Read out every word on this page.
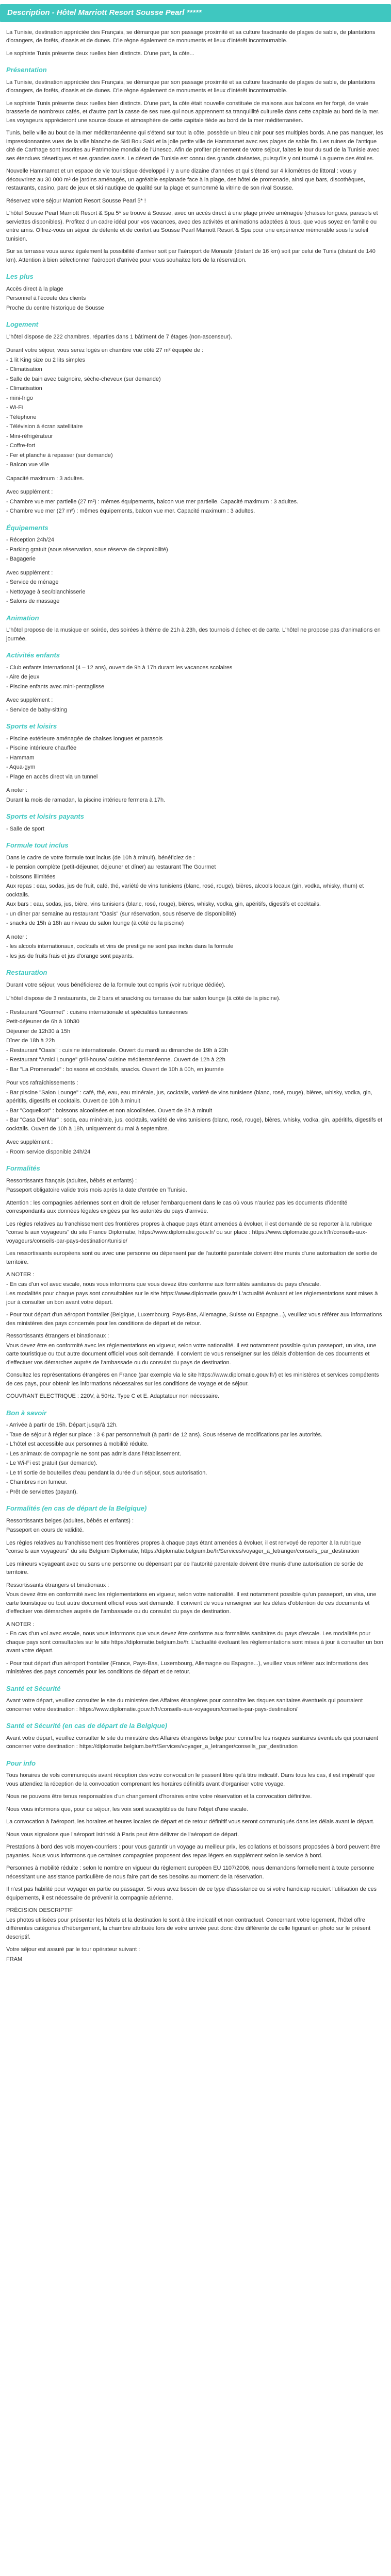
Description - Hôtel Marriott Resort Sousse Pearl *****

La Tunisie, destination appréciée des Français, se démarque par son passage proximité et sa culture fascinante de plages de sable, de plantations d'orangers, de forêts, d'oasis et de dunes. D'le règne également de monuments et lieux d'intérêt incontournable.

Le sophiste Tunis présente deux ruelles bien distincts. D'une part, la côte...

Présentation

La Tunisie, destination appréciée des Français, se démarque par son passage proximité et sa culture fascinante de plages de sable, de plantations d'orangers, de forêts, d'oasis et de dunes. D'le règne également de monuments et lieux d'intérêt incontournable.

Le sophiste Tunis présente deux ruelles bien distincts. D'une part, la côte était nouvelle constituée de maisons aux balcons en fer forgé, de vraie brasserie de nombreux cafés, et d'autre part la casse de ses rues qui nous apprennent sa tranquillité culturelle dans cette capitale au bord de la mer. Les voyageurs apprécieront une source douce et atmosphère de cette capitale tiède au bord de la mer méditerranéen.

Tunis, belle ville au bout de la mer méditerranéenne qui s'étend sur tout la côte, possède un bleu clair pour ses multiples bords. A ne pas manquer, les impressionnantes vues de la ville blanche de Sidi Bou Said et la jolie petite ville de Hammamet avec ses plages de sable fin. Les ruines de l'antique cité de Carthage sont inscrites au Patrimoine mondial de l'Unesco. Afin de profiter pleinement de votre séjour, faites le tour du sud de la Tunisie avec ses étendues désertiques et ses grandes oasis. Le désert de Tunisie est connu des grands cinéastes, puisqu'ils y ont tourné La guerre des étoiles.

Nouvelle Hammamet et un espace de vie touristique développé il y a une dizaine d'années et qui s'étend sur 4 kilomètres de littoral : vous y découvrirez au 30 000 m² de jardins aménagés, un agréable esplanade face à la plage, des hôtel de promenade, ainsi que bars, discothèques, restaurants, casino, parc de jeux et ski nautique de qualité sur la plage et surnommé la vitrine de son rival Sousse.

Réservez votre séjour Marriott Resort Sousse Pearl 5* !

L'hôtel Sousse Pearl Marriott Resort & Spa 5* se trouve à Sousse, avec un accès direct à une plage privée aménagée (chaises longues, parasols et serviettes disponibles). Profitez d'un cadre idéal pour vos vacances, avec des activités et animations adaptées à tous, que vous soyez en famille ou entre amis. Offrez-vous un séjour de détente et de confort au Sousse Pearl Marriott Resort & Spa pour une expérience mémorable sous le soleil tunisien.

Sur sa terrasse vous aurez également la possibilité d'arriver soit par l'aéroport de Monastir (distant de 16 km) soit par celui de Tunis (distant de 140 km). Attention à bien sélectionner l'aéroport d'arrivée pour vous souhaitez lors de la réservation.

Les plus
Accès direct à la plage
Personnel à l'écoute des clients
Proche du centre historique de Sousse
Logement
L'hôtel dispose de 222 chambres, réparties dans 1 bâtiment de 7 étages (non-ascenseur).
Durant votre séjour, vous serez logés en chambre vue côté 27 m² équipée de :
- 1 lit King size ou 2 lits simples
- Climatisation
- Salle de bain avec baignoire, sèche-cheveux (sur demande)
- Climatisation
- mini-frigo
- Wi-Fi
- Téléphone
- Télévision à écran satellitaire
- Mini-réfrigérateur
- Coffre-fort
- Fer et planche à repasser (sur demande)
- Balcon vue ville
Capacité maximum : 3 adultes.
Avec supplément :
- Chambre vue mer partielle (27 m²) : mêmes équipements, balcon vue mer partielle. Capacité maximum : 3 adultes.
- Chambre vue mer (27 m²) : mêmes équipements, balcon vue mer. Capacité maximum : 3 adultes.
Équipements
- Réception 24h/24
- Parking gratuit (sous réservation, sous réserve de disponibilité)
- Bagagerie
Avec supplément :
- Service de ménage
- Nettoyage à sec/blanchisserie
- Salons de massage
Animation
L'hôtel propose de la musique en soirée, des soirées à thème de 21h à 23h, des tournois d'échec et de carte. L'hôtel ne propose pas d'animations en journée.
Activités enfants
- Club enfants international (4 – 12 ans), ouvert de 9h à 17h durant les vacances scolaires
- Aire de jeux
- Piscine enfants avec mini-pentaglisse
Avec supplément :
- Service de baby-sitting
Sports et loisirs
- Piscine extérieure aménagée de chaises longues et parasols
- Piscine intérieure chauffée
- Hammam
- Aqua-gym
- Plage en accès direct via un tunnel
A noter :
Durant la mois de ramadan, la piscine intérieure fermera à 17h.
Sports et loisirs payants
- Salle de sport
Formule tout inclus
Dans le cadre de votre formule tout inclus (de 10h à minuit), bénéficiez de :
- le pension complète (petit-déjeuner, déjeuner et dîner) au restaurant The Gourmet
- boissons illimitées
Aux repas : eau, sodas, jus de fruit, café, thé, variété de vins tunisiens (blanc, rosé, rouge), bières, alcools locaux (gin, vodka, whisky, rhum) et cocktails.
Aux bars : eau, sodas, jus, bière, vins tunisiens (blanc, rosé, rouge), bières, whisky, vodka, gin, apéritifs, digestifs et cocktails.
- un dîner par semaine au restaurant "Oasis" (sur réservation, sous réserve de disponibilité)
- snacks de 15h à 18h au niveau du salon lounge (à côté de la piscine)
A noter :
- les alcools internationaux, cocktails et vins de prestige ne sont pas inclus dans la formule
- les jus de fruits frais et jus d'orange sont payants.
Restauration
Durant votre séjour, vous bénéficierez de la formule tout compris (voir rubrique dédiée).
L'hôtel dispose de 3 restaurants, de 2 bars et snacking ou terrasse du bar salon lounge (à côté de la piscine).
- Restaurant "Gourmet" : cuisine internationale et spécialités tunisiennes
Petit-déjeuner de 6h à 10h30
Déjeuner de 12h30 à 15h
Dîner de 18h à 22h
- Restaurant "Oasis" : cuisine internationale. Ouvert du mardi au dimanche de 19h à 23h
- Restaurant "Amici Lounge" grill-house/ cuisine méditerranéenne. Ouvert de 12h à 22h
- Bar "La Promenade" : boissons et cocktails, snacks. Ouvert de 10h à 00h, en journée
Pour vos rafraîchissements :
- Bar piscine "Salon Lounge" : café, thé, eau, eau minérale, jus, cocktails, variété de vins tunisiens (blanc, rosé, rouge), bières, whisky, vodka, gin, apéritifs, digestifs et cocktails. Ouvert de 10h à minuit
- Bar "Coquelicot" : boissons alcoolisées et non alcoolisées. Ouvert de 8h à minuit
- Bar "Casa Del Mar" : soda, eau minérale, jus, cocktails, variété de vins tunisiens (blanc, rosé, rouge), bières, whisky, vodka, gin, apéritifs, digestifs et cocktails. Ouvert de 10h à 18h, uniquement du mai à septembre.
Avec supplément :
- Room service disponible 24h/24
Formalités
Ressortissants français (adultes, bébés et enfants) :

Passeport obligatoire valide trois mois après la date d'entrée en Tunisie.

Attention : les compagnies aériennes sont en droit de refuser l'embarquement dans le cas où vous n'auriez pas les documents d'identité correspondants aux données légales exigées par les autorités du pays d'arrivée.

Les règles relatives au franchissement des frontières propres à chaque pays étant amenées à évoluer, il est demandé de se reporter à la rubrique "conseils aux voyageurs" du site France Diplomatie, https://www.diplomatie.gouv.fr/ ou sur place : https://www.diplomatie.gouv.fr/fr/conseils-aux-voyageurs/conseils-par-pays-destination/tunisie/

Les ressortissants européens sont ou avec une personne ou dépensent par de l'autorité parentale doivent être munis d'une autorisation de sortie de territoire.

A NOTER :
- En cas d'un vol avec escale, nous vous informons que vous devez être conforme aux formalités sanitaires du pays d'escale.

Les modalités pour chaque pays sont consultables sur le site https://www.diplomatie.gouv.fr/ L'actualité évoluant et les réglementations sont mises à jour à consulter un bon avant votre départ.

- Pour tout départ d'un aéroport frontalier (Belgique, Luxembourg, Pays-Bas, Allemagne, Suisse ou Espagne...), veuillez vous référer aux informations des ministères des pays concernés pour les conditions de départ et de retour.

Ressortissants étrangers et binationaux :

Vous devez être en conformité avec les réglementations en vigueur, selon votre nationalité. Il est notamment possible qu'un passeport, un visa, une carte touristique ou tout autre document officiel vous soit demandé. Il convient de vous renseigner sur les délais d'obtention de ces documents et d'effectuer vos démarches auprès de l'ambassade ou du consulat du pays de destination.

Consultez les représentations étrangères en France (par exemple via le site https://www.diplomatie.gouv.fr/) et les ministères et services compétents de ces pays, pour obtenir les informations nécessaires sur les conditions de voyage et de séjour.

COUVRANT ELECTRIQUE : 220V, à 50Hz. Type C et E. Adaptateur non nécessaire.

Bon à savoir
- Arrivée à partir de 15h. Départ jusqu'à 12h.
- Taxe de séjour à régler sur place : 3 € par personne/nuit (à partir de 12 ans). Sous réserve de modifications par les autorités.
- L'hôtel est accessible aux personnes à mobilité réduite.
- Les animaux de compagnie ne sont pas admis dans l'établissement.
- Le Wi-Fi est gratuit (sur demande).
- Le tri sortie de bouteilles d'eau pendant la durée d'un séjour, sous autorisation.
- Chambres non fumeur.
- Prêt de serviettes (payant).
Formalités (en cas de départ de la Belgique)
Ressortissants belges (adultes, bébés et enfants) :

Passeport en cours de validité.

Les règles relatives au franchissement des frontières propres à chaque pays étant amenées à évoluer, il est renvoyé de reporter à la rubrique "conseils aux voyageurs" du site Belgium Diplomatie, https://diplomatie.belgium.be/fr/Services/voyager_a_letranger/conseils_par_destination

Les mineurs voyageant avec ou sans une personne ou dépensant par de l'autorité parentale doivent être munis d'une autorisation de sortie de territoire.

Ressortissants étrangers et binationaux :

Vous devez être en conformité avec les réglementations en vigueur, selon votre nationalité. Il est notamment possible qu'un passeport, un visa, une carte touristique ou tout autre document officiel vous soit demandé. Il convient de vous renseigner sur les délais d'obtention de ces documents et d'effectuer vos démarches auprès de l'ambassade ou du consulat du pays de destination.

A NOTER :

- En cas d'un vol avec escale, nous vous informons que vous devez être conforme aux formalités sanitaires du pays d'escale. Les modalités pour chaque pays sont consultables sur le site https://diplomatie.belgium.be/fr. L'actualité évoluant les réglementations sont mises à jour à consulter un bon avant votre départ.

- Pour tout départ d'un aéroport frontalier (France, Pays-Bas, Luxembourg, Allemagne ou Espagne...), veuillez vous référer aux informations des ministères des pays concernés pour les conditions de départ et de retour.

Santé et Sécurité

Avant votre départ, veuillez consulter le site du ministère des Affaires étrangères pour connaître les risques sanitaires éventuels qui pourraient concerner votre destination : https://www.diplomatie.gouv.fr/fr/conseils-aux-voyageurs/conseils-par-pays-destination/

Santé et Sécurité (en cas de départ de la Belgique)

Avant votre départ, veuillez consulter le site du ministère des Affaires étrangères belge pour connaître les risques sanitaires éventuels qui pourraient concerner votre destination : https://diplomatie.belgium.be/fr/Services/voyager_a_letranger/conseils_par_destination

Pour info

Tous horaires de vols communiqués avant réception des votre convocation le passent libre qu'à titre indicatif. Dans tous les cas, il est impératif que vous attendiez la réception de la convocation comprenant les horaires définitifs avant d'organiser votre voyage.

Nous ne pouvons être tenus responsables d'un changement d'horaires entre votre réservation et la convocation définitive.

Nous vous informons que, pour ce séjour, les voix sont susceptibles de faire l'objet d'une escale.

La convocation à l'aéroport, les horaires et heures locales de départ et de retour définitif vous seront communiqués dans les délais avant le départ.

Nous vous signalons que l'aéroport Istrinski à Paris peut être délivrer de l'aéroport de départ.

Prestations à bord des vols moyen-courriers : pour vous garantir un voyage au meilleur prix, les collations et boissons proposées à bord peuvent être payantes. Nous vous informons que certaines compagnies proposent des repas légers en supplément selon le service à bord.

Personnes à mobilité réduite : selon le nombre en vigueur du règlement européen EU 1107/2006, nous demandons formellement à toute personne nécessitant une assistance particulière de nous faire part de ses besoins au moment de la réservation.

Il n'est pas habilité pour voyager en partie ou passager. Si vous avez besoin de ce type d'assistance ou si votre handicap requiert l'utilisation de ces équipements, il est nécessaire de prévenir la compagnie aérienne.

PRÉCISION DESCRIPTIF

Les photos utilisées pour présenter les hôtels et la destination le sont à titre indicatif et non contractuel. Concernant votre logement, l'hôtel offre différentes catégories d'hébergement, la chambre attribuée lors de votre arrivée peut donc être différente de celle figurant en photo sur le présent descriptif.

Votre séjour est assuré par le tour opérateur suivant :
FRAM
